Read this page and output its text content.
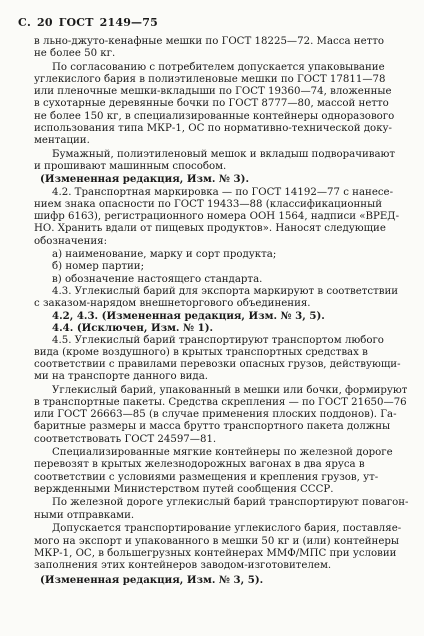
С. 20 ГОСТ 2149—75
в льно-джуто-кенафные мешки по ГОСТ 18225—72. Масса нетто
не более 50 кг.
По согласованию с потребителем допускается упаковывание
углекислого бария в полиэтиленовые мешки по ГОСТ 17811—78
или пленочные мешки-вкладыши по ГОСТ 19360—74, вложенные
в сухотарные деревянные бочки по ГОСТ 8777—80, массой нетто
не более 150 кг, в специализированные контейнеры одноразового
использования типа МКР-1, ОС по нормативно-технической доку-
ментации.
Бумажный, полиэтиленовый мешок и вкладыш подворачивают
и прошивают машинным способом.
(Измененная редакция, Изм. № 3).
4.2. Транспортная маркировка — по ГОСТ 14192—77 с нанесе-
нием знака опасности по ГОСТ 19433—88 (классификационный
шифр 6163), регистрационного номера ООН 1564, надписи «ВРЕД-
НО. Хранить вдали от пищевых продуктов». Наносят следующие
обозначения:
а) наименование, марку и сорт продукта;
б) номер партии;
в) обозначение настоящего стандарта.
4.3. Углекислый барий для экспорта маркируют в соответствии
с заказом-нарядом внешнеторгового объединения.
4.2, 4.3. (Измененная редакция, Изм. № 3, 5).
4.4. (Исключен, Изм. № 1).
4.5. Углекислый барий транспортируют транспортом любого
вида (кроме воздушного) в крытых транспортных средствах в
соответствии с правилами перевозки опасных грузов, действующи-
ми на транспорте данного вида.
Углекислый барий, упакованный в мешки или бочки, формируют
в транспортные пакеты. Средства скрепления — по ГОСТ 21650—76
или ГОСТ 26663—85 (в случае применения плоских поддонов). Га-
баритные размеры и масса брутто транспортного пакета должны
соответствовать ГОСТ 24597—81.
Специализированные мягкие контейнеры по железной дороге
перевозят в крытых железнодорожных вагонах в два яруса в
соответствии с условиями размещения и крепления грузов, ут-
вержденными Министерством путей сообщения СССР.
По железной дороге углекислый барий транспортируют повагон-
ными отправками.
Допускается транспортирование углекислого бария, поставляе-
мого на экспорт и упакованного в мешки 50 кг и (или) контейнеры
МКР-1, ОС, в большегрузных контейнерах ММФ/МПС при условии
заполнения этих контейнеров заводом-изготовителем.
(Измененная редакция, Изм. № 3, 5).
